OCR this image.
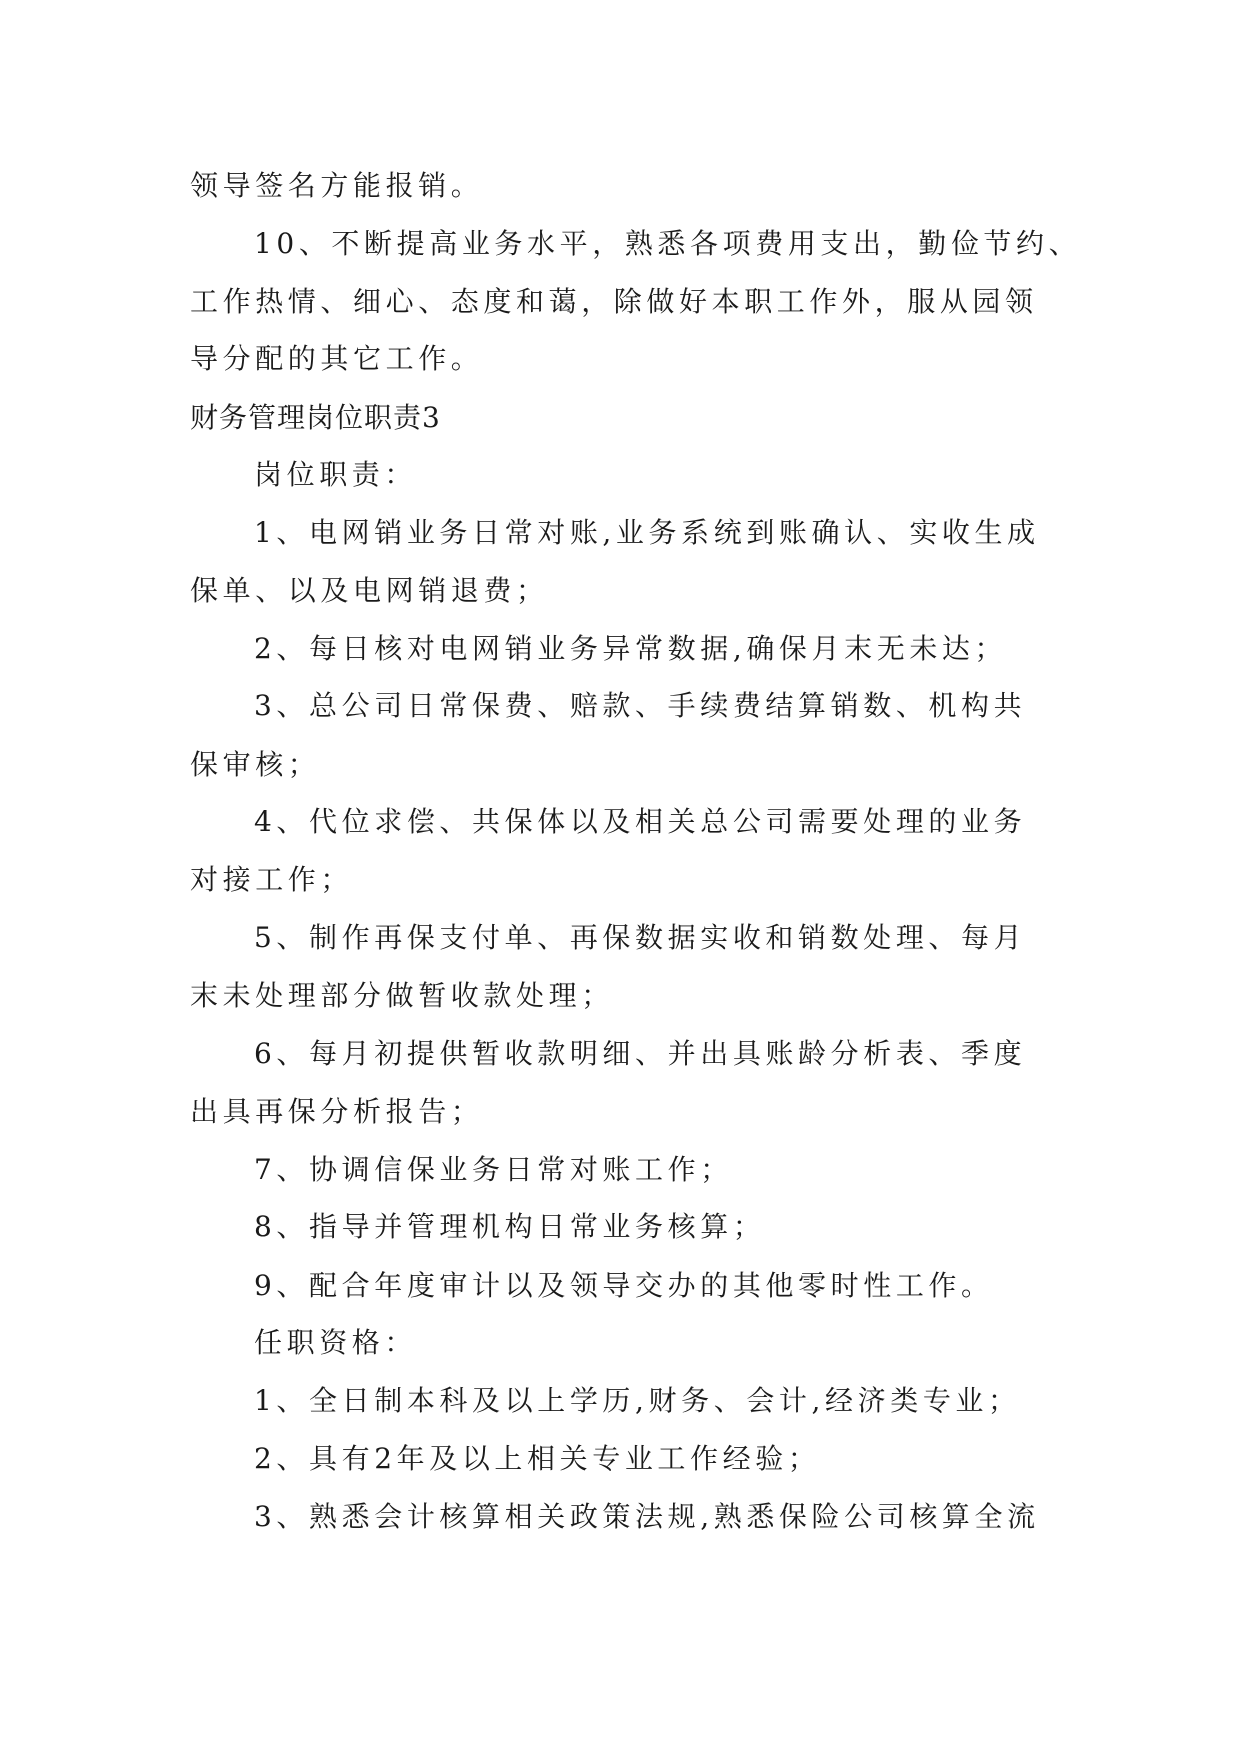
领导签名方能报销。
10、不断提高业务水平，熟悉各项费用支出，勤俭节约、
工作热情、细心、态度和蔼，除做好本职工作外，服从园领
导分配的其它工作。
财务管理岗位职责3
岗位职责：
1、电网销业务日常对账,业务系统到账确认、实收生成
保单、以及电网销退费；
2、每日核对电网销业务异常数据,确保月末无未达；
3、总公司日常保费、赔款、手续费结算销数、机构共
保审核；
4、代位求偿、共保体以及相关总公司需要处理的业务
对接工作；
5、制作再保支付单、再保数据实收和销数处理、每月
末未处理部分做暂收款处理；
6、每月初提供暂收款明细、并出具账龄分析表、季度
出具再保分析报告；
7、协调信保业务日常对账工作；
8、指导并管理机构日常业务核算；
9、配合年度审计以及领导交办的其他零时性工作。
任职资格：
1、全日制本科及以上学历,财务、会计,经济类专业；
2、具有2年及以上相关专业工作经验；
3、熟悉会计核算相关政策法规,熟悉保险公司核算全流
